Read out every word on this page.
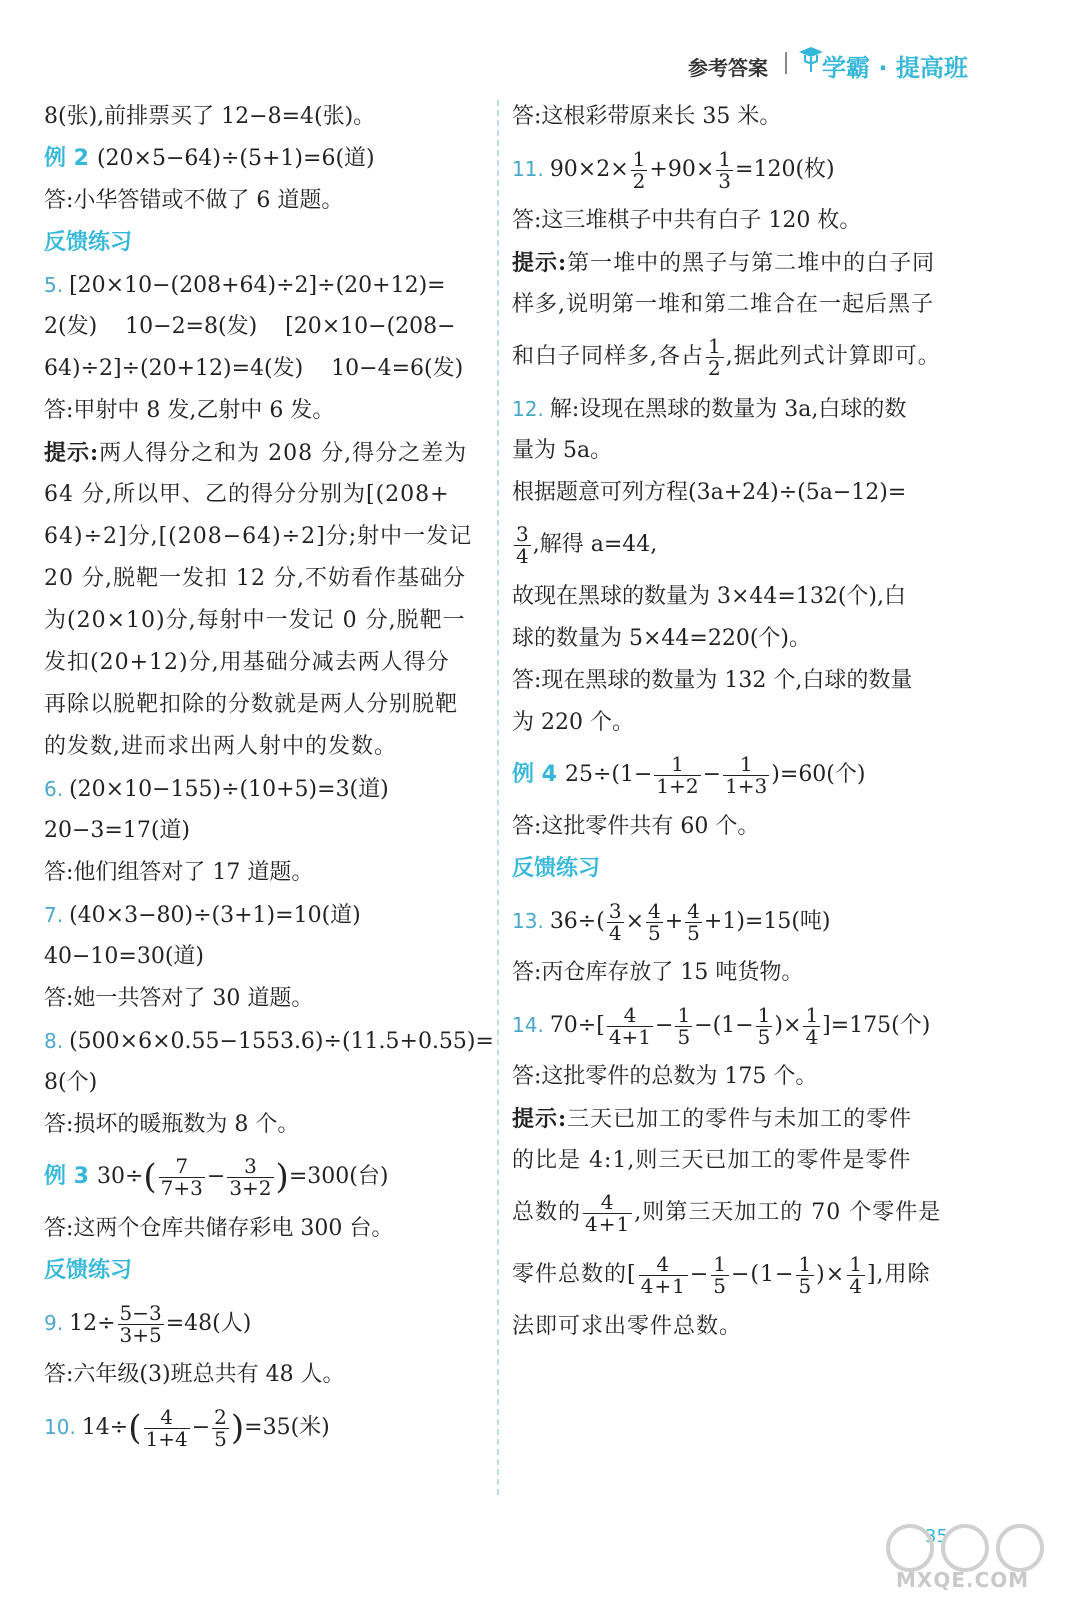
参考答案 学霸 · 提高班
8(张),前排票买了 12−8=4(张)。
例 2 (20×5−64)÷(5+1)=6(道)
答:小华答错或不做了 6 道题。
反馈练习
5. [20×10−(208+64)÷2]÷(20+12)=
2(发)    10−2=8(发)    [20×10−(208−
64)÷2]÷(20+12)=4(发)    10−4=6(发)
答:甲射中 8 发,乙射中 6 发。
提示:两人得分之和为 208 分,得分之差为
64 分,所以甲、乙的得分分别为[(208+
64)÷2]分,[(208−64)÷2]分;射中一发记
20 分,脱靶一发扣 12 分,不妨看作基础分
为(20×10)分,每射中一发记 0 分,脱靶一
发扣(20+12)分,用基础分减去两人得分
再除以脱靶扣除的分数就是两人分别脱靶
的发数,进而求出两人射中的发数。
6. (20×10−155)÷(10+5)=3(道)
20−3=17(道)
答:他们组答对了 17 道题。
7. (40×3−80)÷(3+1)=10(道)
40−10=30(道)
答:她一共答对了 30 道题。
8. (500×6×0.55−1553.6)÷(11.5+0.55)=
8(个)
答:损坏的暖瓶数为 8 个。
例 3 $30\div( \frac{7}{7+3} - \frac{3}{3+2} )=300$(台)
答:这两个仓库共储存彩电 300 台。
反馈练习
9. $12\div \frac{5-3}{3+5} =48$(人)
答:六年级(3)班总共有 48 人。
10. $14\div( \frac{4}{1+4} - \frac{2}{5} )=35$(米)
答:这根彩带原来长 35 米。
11. $90\times 2\times \frac{1}{2} +90\times \frac{1}{3} =120$(枚)
答:这三堆棋子中共有白子 120 枚。
提示:第一堆中的黑子与第二堆中的白子同
样多,说明第一堆和第二堆合在一起后黑子
和白子同样多,各占 $\frac{1}{2}$ ,据此列式计算即可。
12. 解:设现在黑球的数量为 3a,白球的数
量为 5a。
根据题意可列方程(3a+24)÷(5a−12)=
$\frac{3}{4}$ ,解得 a=44,
故现在黑球的数量为 3×44=132(个),白
球的数量为 5×44=220(个)。
答:现在黑球的数量为 132 个,白球的数量
为 220 个。
例 4 $25\div(1- \frac{1}{1+2} - \frac{1}{1+3} )=60$(个)
答:这批零件共有 60 个。
反馈练习
13. $36\div( \frac{3}{4} \times \frac{4}{5} + \frac{4}{5} +1)=15$(吨)
答:丙仓库存放了 15 吨货物。
14. $70\div[ \frac{4}{4+1} - \frac{1}{5} -(1- \frac{1}{5}$ )× $\frac{1}{4} ]=175$(个)
答:这批零件的总数为 175 个。
提示:三天已加工的零件与未加工的零件
的比是 4:1,则三天已加工的零件是零件
总数的 $\frac{4}{4+1}$ ,则第三天加工的 70 个零件是
零件总数的[ $\frac{4}{4+1} - \frac{1}{5} -(1- \frac{1}{5}$ )× $\frac{1}{4}$ ],用除
法即可求出零件总数。
35
MXQE.COM
